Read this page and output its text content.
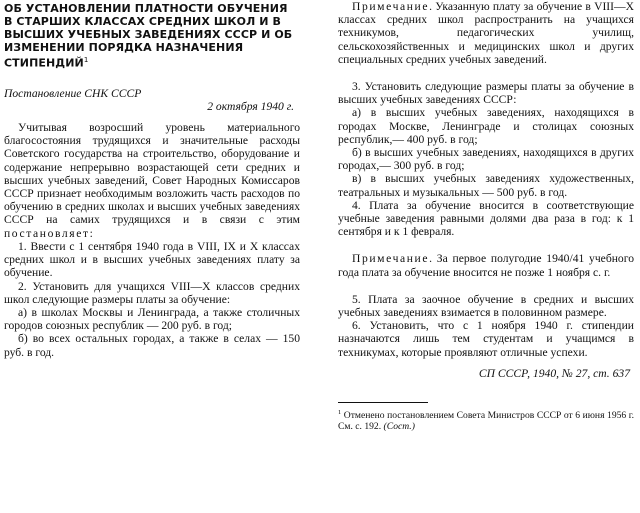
ОБ УСТАНОВЛЕНИИ ПЛАТНОСТИ ОБУЧЕНИЯ В СТАРШИХ КЛАССАХ СРЕДНИХ ШКОЛ И В ВЫСШИХ УЧЕБНЫХ ЗАВЕДЕНИЯХ СССР И ОБ ИЗМЕНЕНИИ ПОРЯДКА НАЗНАЧЕНИЯ СТИПЕНДИЙ$^1$

Постановление СНК СССР

2 октября 1940 г.

Учитывая возросший уровень материального благосостояния трудящихся и значительные расходы Советского государства на строительство, оборудование и содержание непрерывно возрастающей сети средних и высших учебных заведений, Совет Народных Комиссаров СССР признает необходимым возложить часть расходов по обучению в средних школах и высших учебных заведениях СССР на самих трудящихся и в связи с этим постановляет:

1. Ввести с 1 сентября 1940 года в VIII, IX и X классах средних школ и в высших учебных заведениях плату за обучение.

2. Установить для учащихся VIII—X классов средних школ следующие размеры платы за обучение:

а) в школах Москвы и Ленинграда, а также столичных городов союзных республик — 200 руб. в год;

б) во всех остальных городах, а также в селах — 150 руб. в год.

Примечание. Указанную плату за обучение в VIII—X классах средних школ распространить на учащихся техникумов, педагогических училищ, сельскохозяйственных и медицинских школ и других специальных средних учебных заведений.

3. Установить следующие размеры платы за обучение в высших учебных заведениях СССР:

а) в высших учебных заведениях, находящихся в городах Москве, Ленинграде и столицах союзных республик,— 400 руб. в год;

б) в высших учебных заведениях, находящихся в других городах,— 300 руб. в год;

в) в высших учебных заведениях художественных, театральных и музыкальных — 500 руб. в год.

4. Плата за обучение вносится в соответствующие учебные заведения равными долями два раза в год: к 1 сентября и к 1 февраля.

Примечание. За первое полугодие 1940/41 учебного года плата за обучение вносится не позже 1 ноября с. г.

5. Плата за заочное обучение в средних и высших учебных заведениях взимается в половинном размере.

6. Установить, что с 1 ноября 1940 г. стипендии назначаются лишь тем студентам и учащимся в техникумах, которые проявляют отличные успехи.

СП СССР, 1940, № 27, ст. 637

$^1$ Отменено постановлением Совета Министров СССР от 6 июня 1956 г. См. с. 192. (Сост.)
